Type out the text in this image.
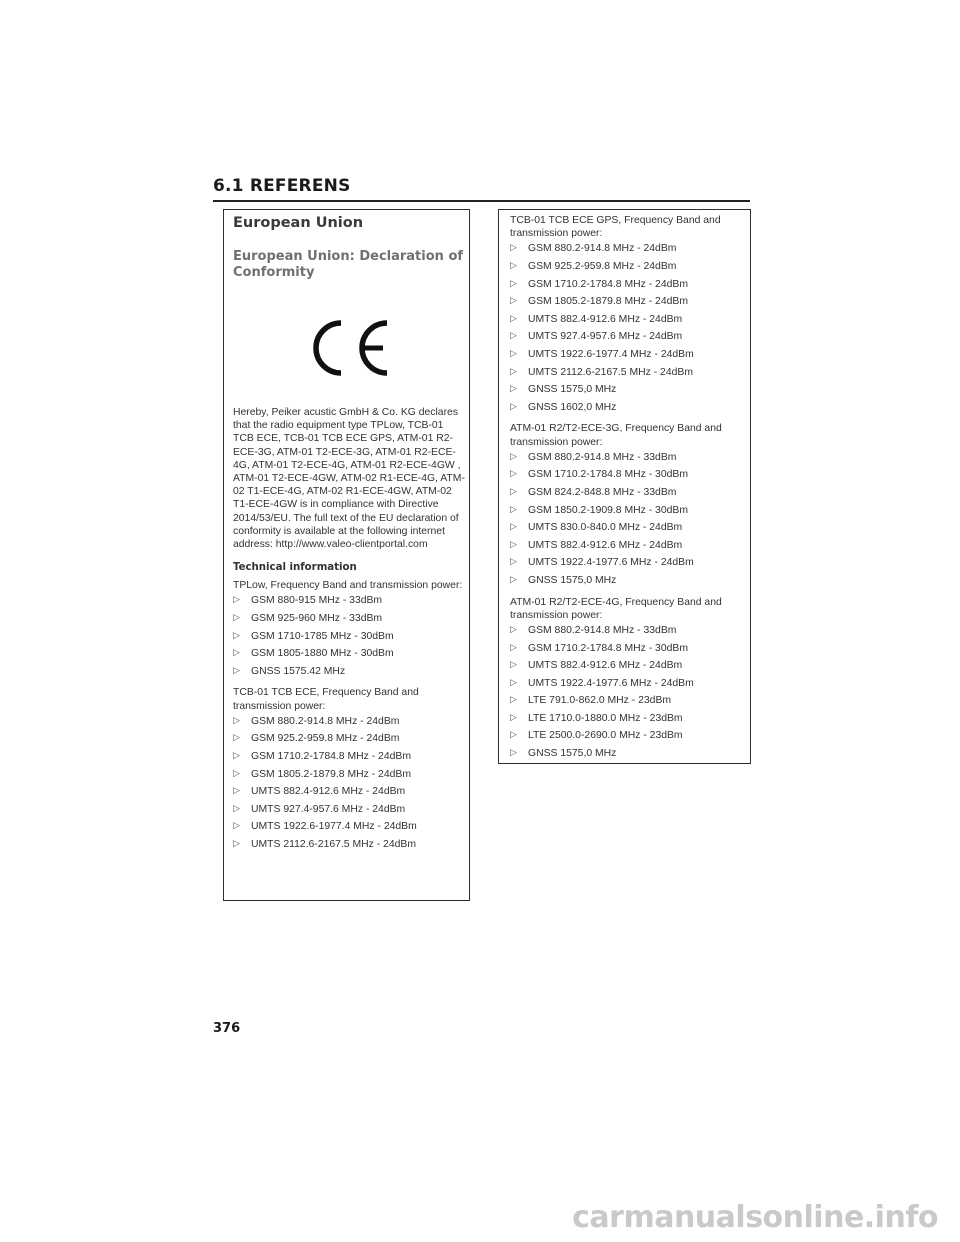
6.1 REFERENS
European Union
European Union: Declaration of Conformity

Hereby, Peiker acustic GmbH & Co. KG declares that the radio equipment type TPLow, TCB-01 TCB ECE, TCB-01 TCB ECE GPS, ATM-01 R2-ECE-3G, ATM-01 T2-ECE-3G, ATM-01 R2-ECE-4G, ATM-01 T2-ECE-4G, ATM-01 R2-ECE-4GW , ATM-01 T2-ECE-4GW, ATM-02 R1-ECE-4G, ATM-02 T1-ECE-4G, ATM-02 R1-ECE-4GW, ATM-02 T1-ECE-4GW is in compliance with Directive 2014/53/EU. The full text of the EU declaration of conformity is available at the following internet address: http://www.valeo-clientportal.com

Technical information
TPLow, Frequency Band and transmission power:
▷	GSM 880-915 MHz - 33dBm
▷	GSM 925-960 MHz - 33dBm
▷	GSM 1710-1785 MHz - 30dBm
▷	GSM 1805-1880 MHz - 30dBm
▷	GNSS 1575.42 MHz
TCB-01 TCB ECE, Frequency Band and transmission power:
▷	GSM 880.2-914.8 MHz - 24dBm
▷	GSM 925.2-959.8 MHz - 24dBm
▷	GSM 1710.2-1784.8 MHz - 24dBm
▷	GSM 1805.2-1879.8 MHz - 24dBm
▷	UMTS 882.4-912.6 MHz - 24dBm
▷	UMTS 927.4-957.6 MHz - 24dBm
▷	UMTS 1922.6-1977.4 MHz - 24dBm
▷	UMTS 2112.6-2167.5 MHz - 24dBm
TCB-01 TCB ECE GPS, Frequency Band and transmission power:
▷	GSM 880.2-914.8 MHz - 24dBm
▷	GSM 925.2-959.8 MHz - 24dBm
▷	GSM 1710.2-1784.8 MHz - 24dBm
▷	GSM 1805.2-1879.8 MHz - 24dBm
▷	UMTS 882.4-912.6 MHz - 24dBm
▷	UMTS 927.4-957.6 MHz - 24dBm
▷	UMTS 1922.6-1977.4 MHz - 24dBm
▷	UMTS 2112.6-2167.5 MHz - 24dBm
▷	GNSS 1575,0 MHz
▷	GNSS 1602,0 MHz
ATM-01 R2/T2-ECE-3G, Frequency Band and transmission power:
▷	GSM 880.2-914.8 MHz - 33dBm
▷	GSM 1710.2-1784.8 MHz - 30dBm
▷	GSM 824.2-848.8 MHz - 33dBm
▷	GSM 1850.2-1909.8 MHz - 30dBm
▷	UMTS 830.0-840.0 MHz - 24dBm
▷	UMTS 882.4-912.6 MHz - 24dBm
▷	UMTS 1922.4-1977.6 MHz - 24dBm
▷	GNSS 1575,0 MHz
ATM-01 R2/T2-ECE-4G, Frequency Band and transmission power:
▷	GSM 880.2-914.8 MHz - 33dBm
▷	GSM 1710.2-1784.8 MHz - 30dBm
▷	UMTS 882.4-912.6 MHz - 24dBm
▷	UMTS 1922.4-1977.6 MHz - 24dBm
▷	LTE 791.0-862.0 MHz - 23dBm
▷	LTE 1710.0-1880.0 MHz - 23dBm
▷	LTE 2500.0-2690.0 MHz - 23dBm
▷	GNSS 1575,0 MHz
376
carmanualsonline.info
